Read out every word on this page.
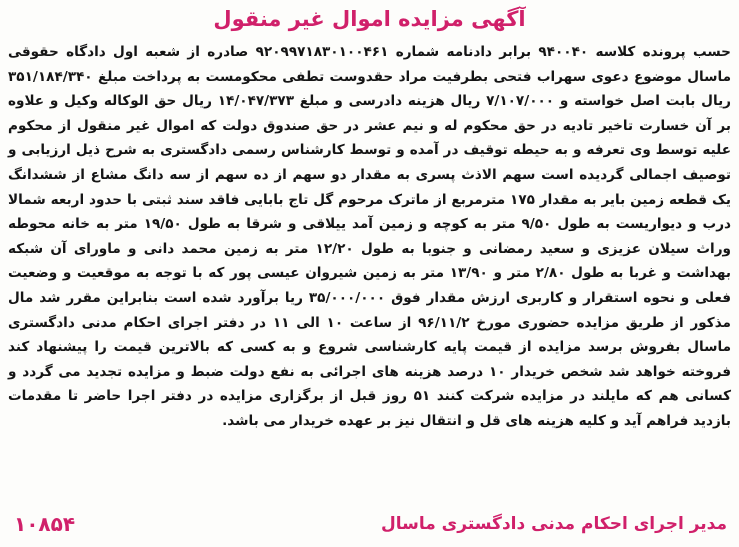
آگهی مزایده اموال غیر منقول
حسب پرونده کلاسه ۹۴۰۰۴۰ برابر دادنامه شماره ۹۲۰۹۹۷۱۸۳۰۱۰۰۴۶۱ صادره از شعبه اول دادگاه حقوقی ماسال موضوع دعوی سهراب فتحی بطرفیت مراد حقدوست تطفی محکومست به پرداخت مبلغ ۳۵۱/۱۸۴/۳۴۰ ریال بابت اصل خواسته و ۷/۱۰۷/۰۰۰ ریال هزینه دادرسی و مبلغ ۱۴/۰۴۷/۳۷۳ ریال حق الوکاله وکیل و علاوه بر آن خسارت تاخیر تادیه در حق محکوم له و نیم عشر در حق صندوق دولت که اموال غیر منقول از محکوم علیه توسط وی تعرفه و به حیطه توقیف در آمده و توسط کارشناس رسمی دادگستری به شرح ذیل ارزیابی و توصیف اجمالی گردیده است سهم الاذث پسری به مقدار دو سهم از ده سهم از سه دانگ مشاع از ششدانگ یک قطعه زمین بایر به مقدار ۱۷۵ مترمربع از ماترک مرحوم گل تاج بابایی فاقد سند ثبتی با حدود اربعه شمالا درب و دیواریست به طول ۹/۵۰ متر به کوچه و زمین آمد ییلاقی و شرقا به طول ۱۹/۵۰ متر به خانه محوطه وراث سیلان عزیزی و سعید رمضانی و جنوبا به طول ۱۲/۲۰ متر به زمین محمد دانی و ماورای آن شبکه بهداشت و غربا به طول ۲/۸۰ متر و ۱۳/۹۰ متر به زمین شیروان عیسی پور که با توجه به موقعیت و وضعیت فعلی و نحوه استقرار و کاربری ارزش مقدار فوق ۳۵/۰۰۰/۰۰۰ ریا برآورد شده است بنابراین مقرر شد مال مذکور از طریق مزایده حضوری مورخ ۹۶/۱۱/۲ از ساعت ۱۰ الی ۱۱ در دفتر اجرای احکام مدنی دادگستری ماسال بفروش برسد مزایده از قیمت پایه کارشناسی شروع و به کسی که بالاترین قیمت را پیشنهاد کند فروخته خواهد شد شخص خریدار ۱۰ درصد هزینه های اجرائی به نفع دولت ضبط و مزایده تجدید می گردد و کسانی هم که مایلند در مزایده شرکت کنند ۵۱ روز قبل از برگزاری مزایده در دفتر اجرا حاضر تا مقدمات بازدید فراهم آید و کلیه هزینه های قل و انتقال نیز بر عهده خریدار می باشد.
مدیر اجرای احکام مدنی دادگستری ماسال
۱۰۸۵۴
